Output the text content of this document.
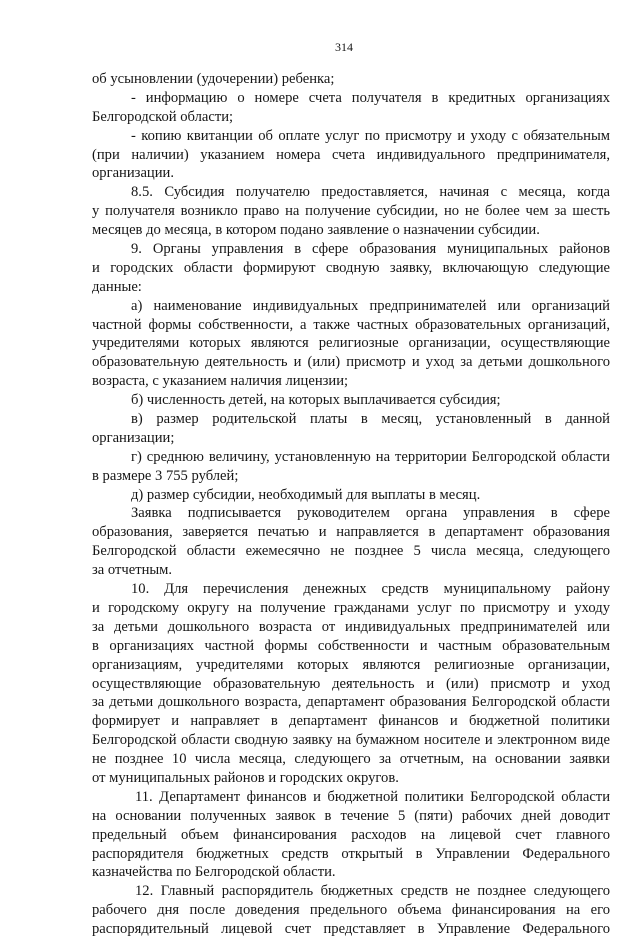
314
об усыновлении (удочерении) ребенка;
- информацию о номере счета получателя в кредитных организациях
Белгородской области;
- копию квитанции об оплате услуг по присмотру и уходу с обязательным
(при наличии) указанием номера счета индивидуального предпринимателя,
организации.
8.5. Субсидия получателю предоставляется, начиная с месяца, когда
у получателя возникло право на получение субсидии, но не более чем за шесть
месяцев до месяца, в котором подано заявление о назначении субсидии.
9. Органы управления в сфере образования муниципальных районов
и городских области формируют сводную заявку, включающую следующие
данные:
а) наименование индивидуальных предпринимателей или организаций
частной формы собственности, а также частных образовательных организаций,
учредителями которых являются религиозные организации, осуществляющие
образовательную деятельность и (или) присмотр и уход за детьми дошкольного
возраста, с указанием наличия лицензии;
б) численность детей, на которых выплачивается субсидия;
в) размер родительской платы в месяц, установленный в данной
организации;
г) среднюю величину, установленную на территории Белгородской области
в размере 3 755 рублей;
д) размер субсидии, необходимый для выплаты в месяц.
Заявка подписывается руководителем органа управления в сфере
образования, заверяется печатью и направляется в департамент образования
Белгородской области ежемесячно не позднее 5 числа месяца, следующего
за отчетным.
10. Для перечисления денежных средств муниципальному району
и городскому округу на получение гражданами услуг по присмотру и уходу
за детьми дошкольного возраста от индивидуальных предпринимателей или
в организациях частной формы собственности и частным образовательным
организациям, учредителями которых являются религиозные организации,
осуществляющие образовательную деятельность и (или) присмотр и уход
за детьми дошкольного возраста, департамент образования Белгородской области
формирует и направляет в департамент финансов и бюджетной политики
Белгородской области сводную заявку на бумажном носителе и электронном виде
не позднее 10 числа месяца, следующего за отчетным, на основании заявки
от муниципальных районов и городских округов.
11. Департамент финансов и бюджетной политики Белгородской области
на основании полученных заявок в течение 5 (пяти) рабочих дней доводит
предельный объем финансирования расходов на лицевой счет главного
распорядителя бюджетных средств открытый в Управлении Федерального
казначейства по Белгородской области.
12. Главный распорядитель бюджетных средств не позднее следующего
рабочего дня после доведения предельного объема финансирования на его
распорядительный лицевой счет представляет в Управление Федерального
